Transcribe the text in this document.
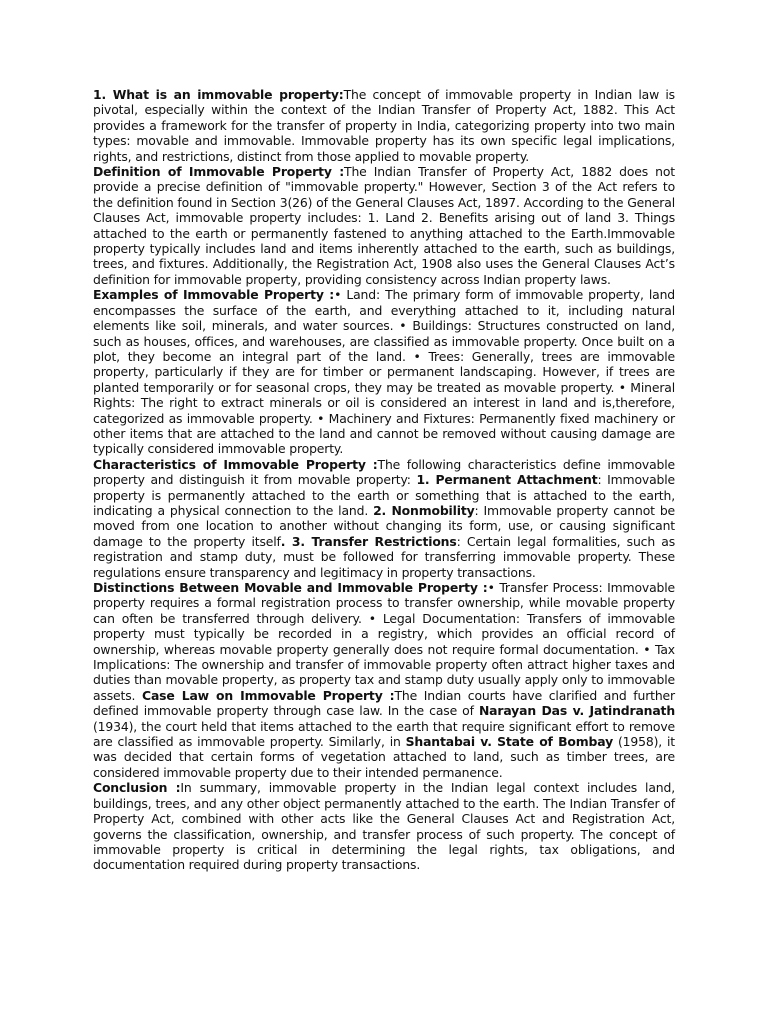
1. What is an immovable property:The concept of immovable property in Indian law is pivotal, especially within the context of the Indian Transfer of Property Act, 1882. This Act provides a framework for the transfer of property in India, categorizing property into two main types: movable and immovable. Immovable property has its own specific legal implications, rights, and restrictions, distinct from those applied to movable property.

Definition of Immovable Property :The Indian Transfer of Property Act, 1882 does not provide a precise definition of "immovable property." However, Section 3 of the Act refers to the definition found in Section 3(26) of the General Clauses Act, 1897. According to the General Clauses Act, immovable property includes: 1. Land 2. Benefits arising out of land 3. Things attached to the earth or permanently fastened to anything attached to the Earth.Immovable property typically includes land and items inherently attached to the earth, such as buildings, trees, and fixtures. Additionally, the Registration Act, 1908 also uses the General Clauses Act’s definition for immovable property, providing consistency across Indian property laws.

Examples of Immovable Property :• Land: The primary form of immovable property, land encompasses the surface of the earth, and everything attached to it, including natural elements like soil, minerals, and water sources. • Buildings: Structures constructed on land, such as houses, offices, and warehouses, are classified as immovable property. Once built on a plot, they become an integral part of the land. • Trees: Generally, trees are immovable property, particularly if they are for timber or permanent landscaping. However, if trees are planted temporarily or for seasonal crops, they may be treated as movable property. • Mineral Rights: The right to extract minerals or oil is considered an interest in land and is,therefore, categorized as immovable property. • Machinery and Fixtures: Permanently fixed machinery or other items that are attached to the land and cannot be removed without causing damage are typically considered immovable property.

Characteristics of Immovable Property :The following characteristics define immovable property and distinguish it from movable property: 1. Permanent Attachment: Immovable property is permanently attached to the earth or something that is attached to the earth, indicating a physical connection to the land. 2. Nonmobility: Immovable property cannot be moved from one location to another without changing its form, use, or causing significant damage to the property itself. 3. Transfer Restrictions: Certain legal formalities, such as registration and stamp duty, must be followed for transferring immovable property. These regulations ensure transparency and legitimacy in property transactions.

Distinctions Between Movable and Immovable Property :• Transfer Process: Immovable property requires a formal registration process to transfer ownership, while movable property can often be transferred through delivery. • Legal Documentation: Transfers of immovable property must typically be recorded in a registry, which provides an official record of ownership, whereas movable property generally does not require formal documentation. • Tax Implications: The ownership and transfer of immovable property often attract higher taxes and duties than movable property, as property tax and stamp duty usually apply only to immovable assets. Case Law on Immovable Property :The Indian courts have clarified and further defined immovable property through case law. In the case of Narayan Das v. Jatindranath (1934), the court held that items attached to the earth that require significant effort to remove are classified as immovable property. Similarly, in Shantabai v. State of Bombay (1958), it was decided that certain forms of vegetation attached to land, such as timber trees, are considered immovable property due to their intended permanence.

Conclusion :In summary, immovable property in the Indian legal context includes land, buildings, trees, and any other object permanently attached to the earth. The Indian Transfer of Property Act, combined with other acts like the General Clauses Act and Registration Act, governs the classification, ownership, and transfer process of such property. The concept of immovable property is critical in determining the legal rights, tax obligations, and documentation required during property transactions.
